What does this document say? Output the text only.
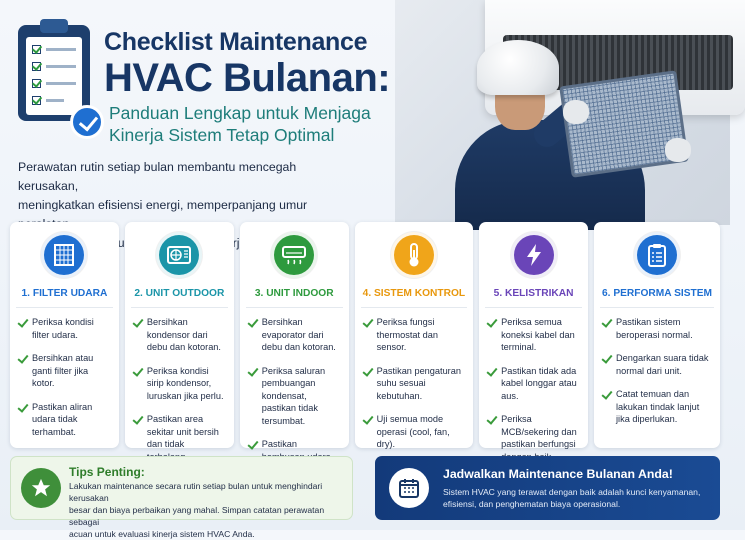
Checklist Maintenance
HVAC Bulanan:
Panduan Lengkap untuk Menjaga
Kinerja Sistem Tetap Optimal
Perawatan rutin setiap bulan membantu mencegah kerusakan,
meningkatkan efisiensi energi, memperpanjang umur
1. FILTER UDARA
Periksa kondisi filter udara.
Bersihkan atau ganti filter jika kotor.
Pastikan aliran udara tidak terhambat.
2. UNIT OUTDOOR
Bersihkan kondensor dari debu dan kotoran.
Periksa kondisi sirip kondensor, luruskan jika perlu.
Pastikan area sekitar unit bersih dan tidak
3. UNIT INDOOR
Bersihkan evaporator dari debu dan kotoran.
Periksa saluran pembuangan kondensat, pastikan tidak tersumbat.
Pastikan
4. SISTEM KONTROL
Periksa fungsi thermostat dan sensor.
Pastikan pengaturan suhu sesuai kebutuhan.
Uji semua mode operasi (cool, fan, dry).
5. KELISTRIKAN
Periksa semua koneksi kabel dan terminal.
Pastikan tidak ada kabel longgar atau aus.
Periksa MCB/sekering dan pastikan berfungsi
6. PERFORMA SISTEM
Pastikan sistem beroperasi normal.
Dengarkan suara tidak normal dari unit.
Catat temuan dan lakukan tindak lanjut jika diperlukan.
Tips Penting:
Lakukan maintenance secara rutin setiap bulan untuk menghindari kerusakan
besar dan biaya perbaikan yang mahal. Simpan catatan perawatan sebagai
acuan untuk evaluasi kinerja sistem HVAC Anda.
Jadwalkan Maintenance Bulanan Anda!
Sistem HVAC yang terawat dengan baik adalah kunci kenyamanan,
efisiensi, dan penghematan biaya operasional.
